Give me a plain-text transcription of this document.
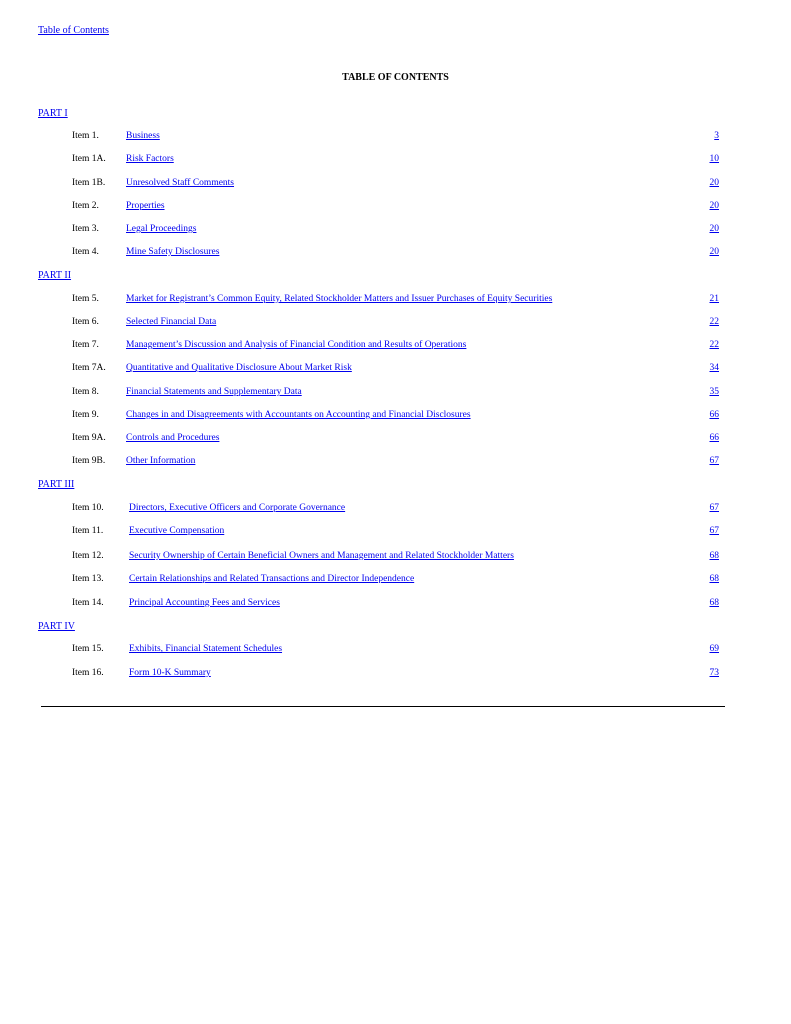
Table of Contents
TABLE OF CONTENTS
PART I
Item 1.	Business	3
Item 1A. Risk Factors	10
Item 1B. Unresolved Staff Comments	20
Item 2.	Properties	20
Item 3.	Legal Proceedings	20
Item 4.	Mine Safety Disclosures	20
PART II
Item 5.	Market for Registrant’s Common Equity, Related Stockholder Matters and Issuer Purchases of Equity Securities	21
Item 6.	Selected Financial Data	22
Item 7.	Management’s Discussion and Analysis of Financial Condition and Results of Operations	22
Item 7A. Quantitative and Qualitative Disclosure About Market Risk	34
Item 8.	Financial Statements and Supplementary Data	35
Item 9.	Changes in and Disagreements with Accountants on Accounting and Financial Disclosures	66
Item 9A. Controls and Procedures	66
Item 9B. Other Information	67
PART III
Item 10.	Directors, Executive Officers and Corporate Governance	67
Item 11.	Executive Compensation	67
Item 12.	Security Ownership of Certain Beneficial Owners and Management and Related Stockholder Matters	68
Item 13.	Certain Relationships and Related Transactions and Director Independence	68
Item 14.	Principal Accounting Fees and Services	68
PART IV
Item 15.	Exhibits, Financial Statement Schedules	69
Item 16.	Form 10-K Summary	73
